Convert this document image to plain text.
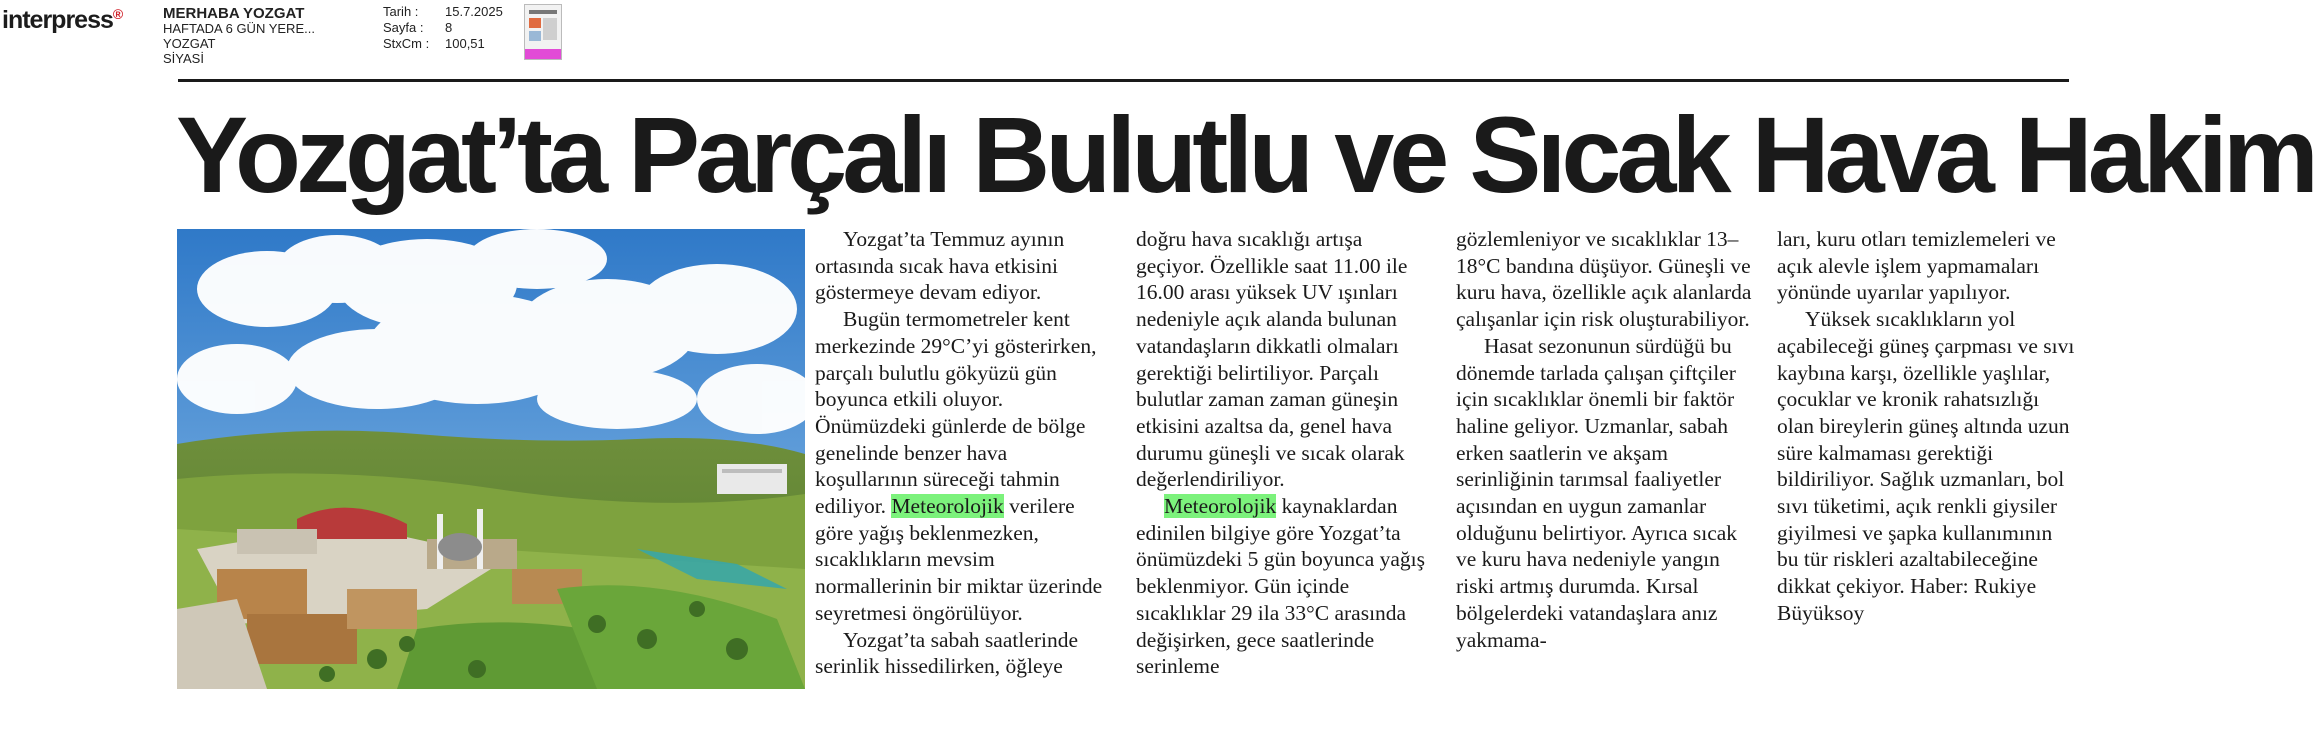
interpress®	MERHABA YOZGAT
HAFTADA 6 GÜN YERE...
YOZGAT
SİYASİ
Tarih :	15.7.2025
Sayfa :	8
StxCm :	100,51
Yozgat’ta Parçalı Bulutlu ve Sıcak Hava Hakim

Yozgat’ta Temmuz ayının ortasında sıcak hava etkisini göstermeye devam ediyor.

Bugün termometreler kent merkezinde 29°C’yi gösterirken, parçalı bulutlu gökyüzü gün boyunca etkili oluyor. Önümüzdeki günlerde de bölge genelinde benzer hava koşullarının süreceği tahmin ediliyor. Meteorolojik verilere göre yağış beklenmezken, sıcaklıkların mevsim normallerinin bir miktar üzerinde seyretmesi öngörülüyor.

Yozgat’ta sabah saatlerinde serinlik hissedilirken, öğleye

doğru hava sıcaklığı artışa geçiyor. Özellikle saat 11.00 ile 16.00 arası yüksek UV ışınları nedeniyle açık alanda bulunan vatandaşların dikkatli olmaları gerektiği belirtiliyor. Parçalı bulutlar zaman zaman güneşin etkisini azaltsa da, genel hava durumu güneşli ve sıcak olarak değerlendiriliyor.

Meteorolojik kaynaklardan edinilen bilgiye göre Yozgat’ta önümüzdeki 5 gün boyunca yağış beklenmiyor. Gün içinde sıcaklıklar 29 ila 33°C arasında değişirken, gece saatlerinde serinleme

gözlemleniyor ve sıcaklıklar 13–18°C bandına düşüyor. Güneşli ve kuru hava, özellikle açık alanlarda çalışanlar için risk oluşturabiliyor.

Hasat sezonunun sürdüğü bu dönemde tarlada çalışan çiftçiler için sıcaklıklar önemli bir faktör haline geliyor. Uzmanlar, sabah erken saatlerin ve akşam serinliğinin tarımsal faaliyetler açısından en uygun zamanlar olduğunu belirtiyor. Ayrıca sıcak ve kuru hava nedeniyle yangın riski artmış durumda. Kırsal bölgelerdeki vatandaşlara anız yakmama-

ları, kuru otları temizlemeleri ve açık alevle işlem yapmamaları yönünde uyarılar yapılıyor.

Yüksek sıcaklıkların yol açabileceği güneş çarpması ve sıvı kaybına karşı, özellikle yaşlılar, çocuklar ve kronik rahatsızlığı olan bireylerin güneş altında uzun süre kalmaması gerektiği bildiriliyor. Sağlık uzmanları, bol sıvı tüketimi, açık renkli giysiler giyilmesi ve şapka kullanımının bu tür riskleri azaltabileceğine dikkat çekiyor. Haber: Rukiye Büyüksoy
